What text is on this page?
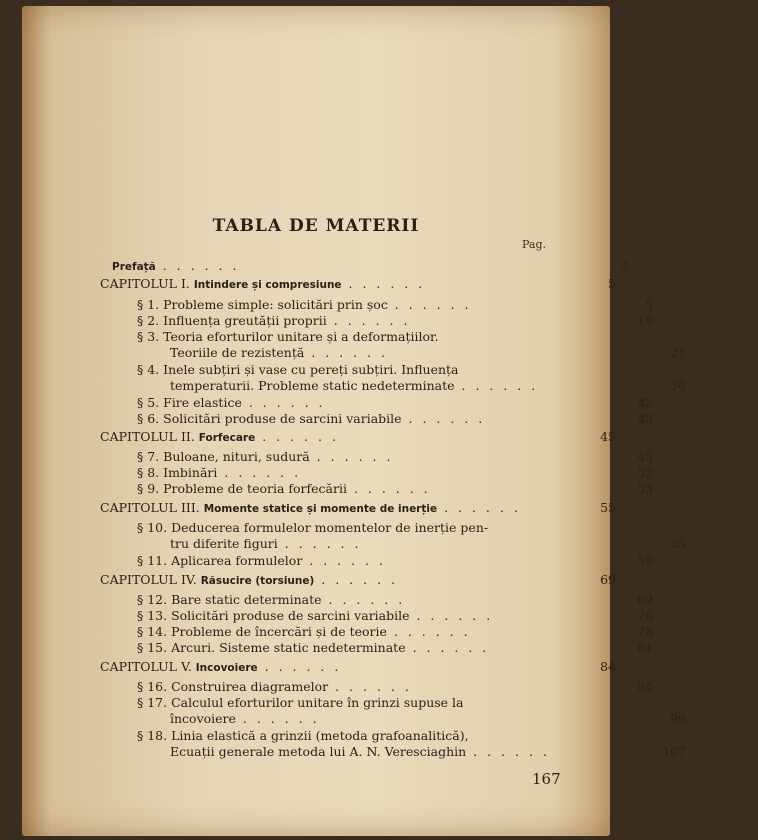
TABLA DE MATERII
Pag.
Prefață . . . . . .	3
CAPITOLUL I. Intindere și compresiune . . . . . .	5
§ 1. Probleme simple: solicitări prin șoc . . . . . .	5
§ 2. Influența greutății proprii . . . . . .	19
§ 3. Teoria eforturilor unitare și a deformațiilor.
Teoriile de rezistență . . . . . .	21
§ 4. Inele subțiri și vase cu pereți subțiri. Influența
temperaturii. Probleme static nedeterminate . . . . . .	30
§ 5. Fire elastice . . . . . .	42
§ 6. Solicitări produse de sarcini variabile . . . . . .	43
CAPITOLUL II. Forfecare . . . . . .	45
§ 7. Buloane, nituri, sudură . . . . . .	45
§ 8. Imbinări . . . . . .	52
§ 9. Probleme de teoria forfecării . . . . . .	53
CAPITOLUL III. Momente statice și momente de inerție . . . . . .	55
§ 10. Deducerea formulelor momentelor de inerție pen-
tru diferite figuri . . . . . .	55
§ 11. Aplicarea formulelor . . . . . .	59
CAPITOLUL IV. Răsucire (torsiune) . . . . . .	69
§ 12. Bare static determinate . . . . . .	69
§ 13. Solicitări produse de sarcini variabile . . . . . .	76
§ 14. Probleme de încercări și de teorie . . . . . .	78
§ 15. Arcuri. Sisteme static nedeterminate . . . . . .	81
CAPITOLUL V. Incovoiere . . . . . .	84
§ 16. Construirea diagramelor . . . . . .	84
§ 17. Calculul eforturilor unitare în grinzi supuse la
încovoiere . . . . . .	99
§ 18. Linia elastică a grinzii (metoda grafoanalitică),
Ecuații generale metoda lui A. N. Veresciaghin . . . . . .	107
167
